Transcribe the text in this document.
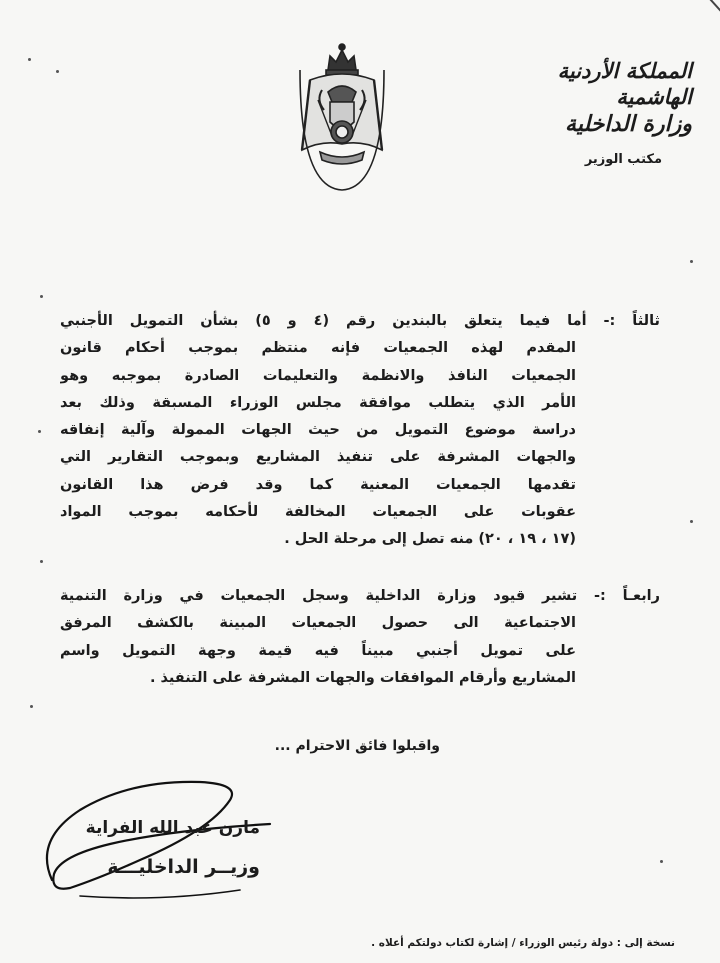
المملكة الأردنية الهاشمية
وزارة الداخلية
مكتب الوزير
ثالثاً :- أما فيما يتعلق بالبندين رقم (٤ و ٥) بشأن التمويل الأجنبي
المقدم لهذه الجمعيات فإنه منتظم بموجب أحكام قانون
الجمعيات النافذ والانظمة والتعليمات الصادرة بموجبه وهو
الأمر الذي يتطلب موافقة مجلس الوزراء المسبقة وذلك بعد
دراسة موضوع التمويل من حيث الجهات الممولة وآلية إنفاقه
والجهات المشرفة على تنفيذ المشاريع وبموجب التقارير التي
تقدمها الجمعيات المعنية كما وقد فرض هذا القانون
عقوبات على الجمعيات المخالفة لأحكامه بموجب المواد
(١٧ ، ١٩ ، ٢٠) منه تصل إلى مرحلة الحل .
رابعـاً :- تشير قيود وزارة الداخلية وسجل الجمعيات في وزارة التنمية
الاجتماعية الى حصول الجمعيات المبينة بالكشف المرفق
على تمويل أجنبي مبيناً فيه قيمة وجهة التمويل واسم
المشاريع وأرقام الموافقات والجهات المشرفة على التنفيذ .
واقبلوا فائق الاحترام ...
مازن عبد الله الفراية
وزيــر الداخليـــة
نسخة إلى : دولة رئيس الوزراء / إشارة لكتاب دولتكم أعلاه .
